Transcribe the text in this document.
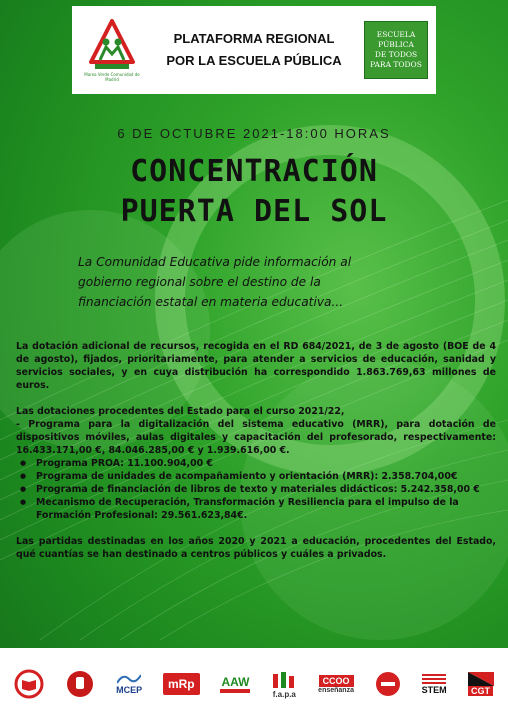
Marea Verde Comunidad de Madrid
PLATAFORMA REGIONAL
POR LA ESCUELA PÚBLICA
ESCUELA PÚBLICA
DE TODOS
PARA TODOS
6 DE OCTUBRE 2021-18:00 HORAS
CONCENTRACIÓN
PUERTA DEL SOL
La Comunidad Educativa pide información al
gobierno regional sobre el destino de la
financiación estatal en materia educativa...

La dotación adicional de recursos, recogida en el RD 684/2021, de 3 de agosto (BOE de 4 de agosto), fijados, prioritariamente, para atender a servicios de educación, sanidad y servicios sociales, y en cuya distribución ha correspondido 1.863.769,63 millones de euros.

Las dotaciones procedentes del Estado para el curso 2021/22,

- Programa para la digitalización del sistema educativo (MRR), para dotación de dispositivos móviles, aulas digitales y capacitación del profesorado, respectivamente: 16.433.171,00 €, 84.046.285,00 € y 1.939.616,00 €.

● Programa PROA: 11.100.904,00 €
● Programa de unidades de acompañamiento y orientación (MRR): 2.358.704,00€
● Programa de financiación de libros de texto y materiales didácticos: 5.242.358,00 €
● Mecanismo de Recuperación, Transformación y Resiliencia para el impulso de la Formación Profesional: 29.561.623,84€.

Las partidas destinadas en los años 2020 y 2021 a educación, procedentes del Estado, qué cuantías se han destinado a centros públicos y cuáles a privados.

MCEP	mRp	AAW
f.a.p.a
CCOO
enseñanza	STEM	CGT
